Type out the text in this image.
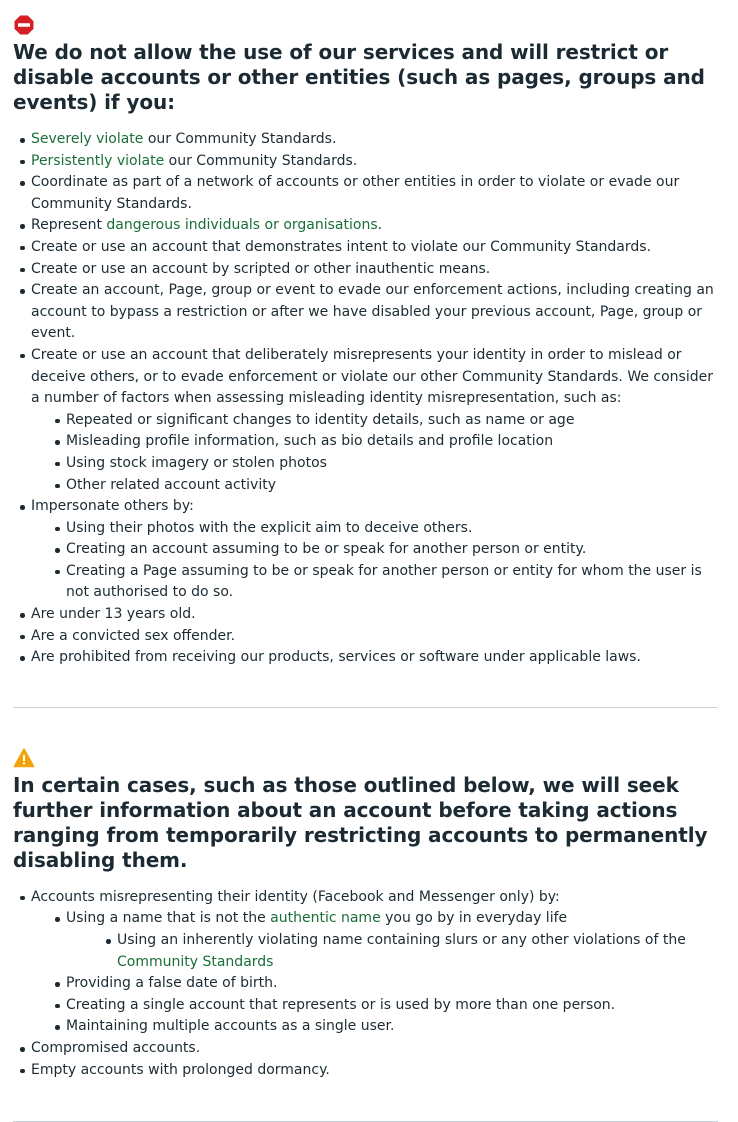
We do not allow the use of our services and will restrict or disable accounts or other entities (such as pages, groups and events) if you:
Severely violate our Community Standards.
Persistently violate our Community Standards.
Coordinate as part of a network of accounts or other entities in order to violate or evade our Community Standards.
Represent dangerous individuals or organisations.
Create or use an account that demonstrates intent to violate our Community Standards.
Create or use an account by scripted or other inauthentic means.
Create an account, Page, group or event to evade our enforcement actions, including creating an account to bypass a restriction or after we have disabled your previous account, Page, group or event.
Create or use an account that deliberately misrepresents your identity in order to mislead or deceive others, or to evade enforcement or violate our other Community Standards. We consider a number of factors when assessing misleading identity misrepresentation, such as:
Repeated or significant changes to identity details, such as name or age
Misleading profile information, such as bio details and profile location
Using stock imagery or stolen photos
Other related account activity
Impersonate others by:
Using their photos with the explicit aim to deceive others.
Creating an account assuming to be or speak for another person or entity.
Creating a Page assuming to be or speak for another person or entity for whom the user is not authorised to do so.
Are under 13 years old.
Are a convicted sex offender.
Are prohibited from receiving our products, services or software under applicable laws.
In certain cases, such as those outlined below, we will seek further information about an account before taking actions ranging from temporarily restricting accounts to permanently disabling them.
Accounts misrepresenting their identity (Facebook and Messenger only) by:
Using a name that is not the authentic name you go by in everyday life
Using an inherently violating name containing slurs or any other violations of the Community Standards
Providing a false date of birth.
Creating a single account that represents or is used by more than one person.
Maintaining multiple accounts as a single user.
Compromised accounts.
Empty accounts with prolonged dormancy.
